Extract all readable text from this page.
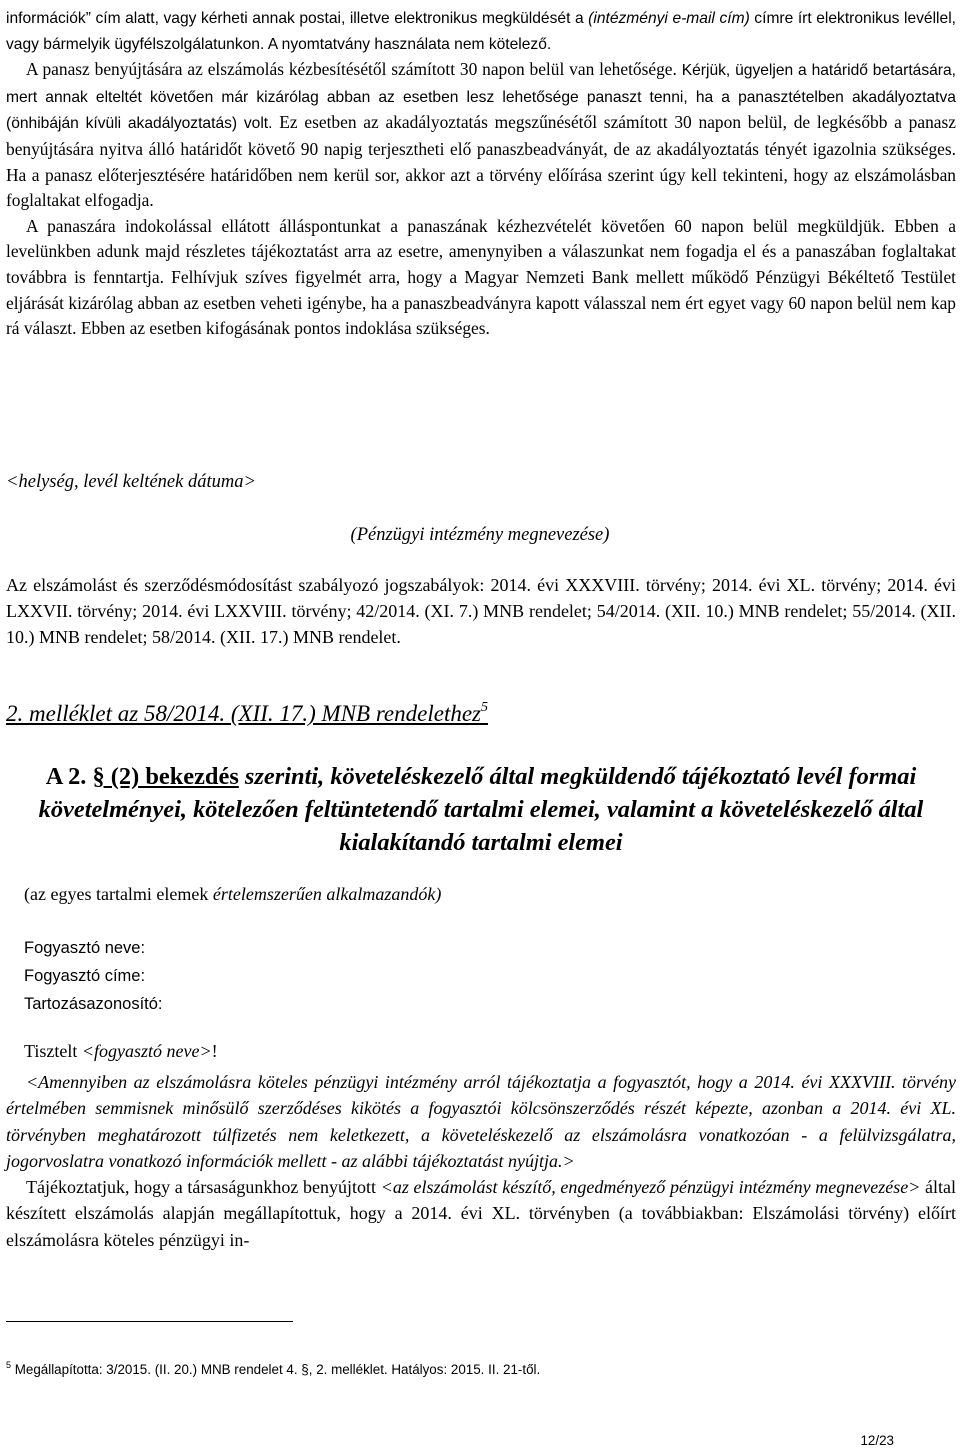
információk” cím alatt, vagy kérheti annak postai, illetve elektronikus megküldését a (intézményi e-mail cím) címre írt elektronikus levéllel, vagy bármelyik ügyfélszolgálatunkon. A nyomtatvány használata nem kötelező.

A panasz benyújtására az elszámolás kézbesítésétől számított 30 napon belül van lehetősége. Kérjük, ügyeljen a határidő betartására, mert annak elteltét követően már kizárólag abban az esetben lesz lehetősége panaszt tenni, ha a panasztételben akadályoztatva (önhibáján kívüli akadályoztatás) volt. Ez esetben az akadályoztatás megszűnésétől számított 30 napon belül, de legkésőbb a panasz benyújtására nyitva álló határidőt követő 90 napig terjesztheti elő panaszbeadványát, de az akadályoztatás tényét igazolnia szükséges. Ha a panasz előterjesztésére határidőben nem kerül sor, akkor azt a törvény előírása szerint úgy kell tekinteni, hogy az elszámolásban foglaltakat elfogadja.

A panaszára indokolással ellátott álláspontunkat a panaszának kézhezvételét követően 60 napon belül megküldjük. Ebben a levelünkben adunk majd részletes tájékoztatást arra az esetre, amenynyiben a válaszunkat nem fogadja el és a panaszában foglaltakat továbbra is fenntartja. Felhívjuk szíves figyelmét arra, hogy a Magyar Nemzeti Bank mellett működő Pénzügyi Békéltető Testület eljárását kizárólag abban az esetben veheti igénybe, ha a panaszbeadványra kapott válasszal nem ért egyet vagy 60 napon belül nem kap rá választ. Ebben az esetben kifogásának pontos indoklása szükséges.

<helység, levél keltének dátuma>
(Pénzügyi intézmény megnevezése)
Az elszámolást és szerződésmódosítást szabályozó jogszabályok: 2014. évi XXXVIII. törvény; 2014. évi XL. törvény; 2014. évi LXXVII. törvény; 2014. évi LXXVIII. törvény; 42/2014. (XI. 7.) MNB rendelet; 54/2014. (XII. 10.) MNB rendelet; 55/2014. (XII. 10.) MNB rendelet; 58/2014. (XII. 17.) MNB rendelet.
2. melléklet az 58/2014. (XII. 17.) MNB rendelethez$^5$
A 2. § (2) bekezdés szerinti, követeléskezelő által megküldendő tájékoztató levél formai követelményei, kötelezően feltüntetendő tartalmi elemei, valamint a követeléskezelő által kialakítandó tartalmi elemei
(az egyes tartalmi elemek értelemszerűen alkalmazandók)
Fogyasztó neve:
Fogyasztó címe:
Tartozásazonosító:
Tisztelt <fogyasztó neve>!

<Amennyiben az elszámolásra köteles pénzügyi intézmény arról tájékoztatja a fogyasztót, hogy a 2014. évi XXXVIII. törvény értelmében semmisnek minősülő szerződéses kikötés a fogyasztói kölcsönszerződés részét képezte, azonban a 2014. évi XL. törvényben meghatározott túlfizetés nem keletkezett, a követeléskezelő az elszámolásra vonatkozóan - a felülvizsgálatra, jogorvoslatra vonatkozó információk mellett - az alábbi tájékoztatást nyújtja.>

Tájékoztatjuk, hogy a társaságunkhoz benyújtott <az elszámolást készítő, engedményező pénzügyi intézmény megnevezése> által készített elszámolás alapján megállapítottuk, hogy a 2014. évi XL. törvényben (a továbbiakban: Elszámolási törvény) előírt elszámolásra köteles pénzügyi in-

$^5$ Megállapította: 3/2015. (II. 20.) MNB rendelet 4. §, 2. melléklet. Hatályos: 2015. II. 21-től.
12/23
